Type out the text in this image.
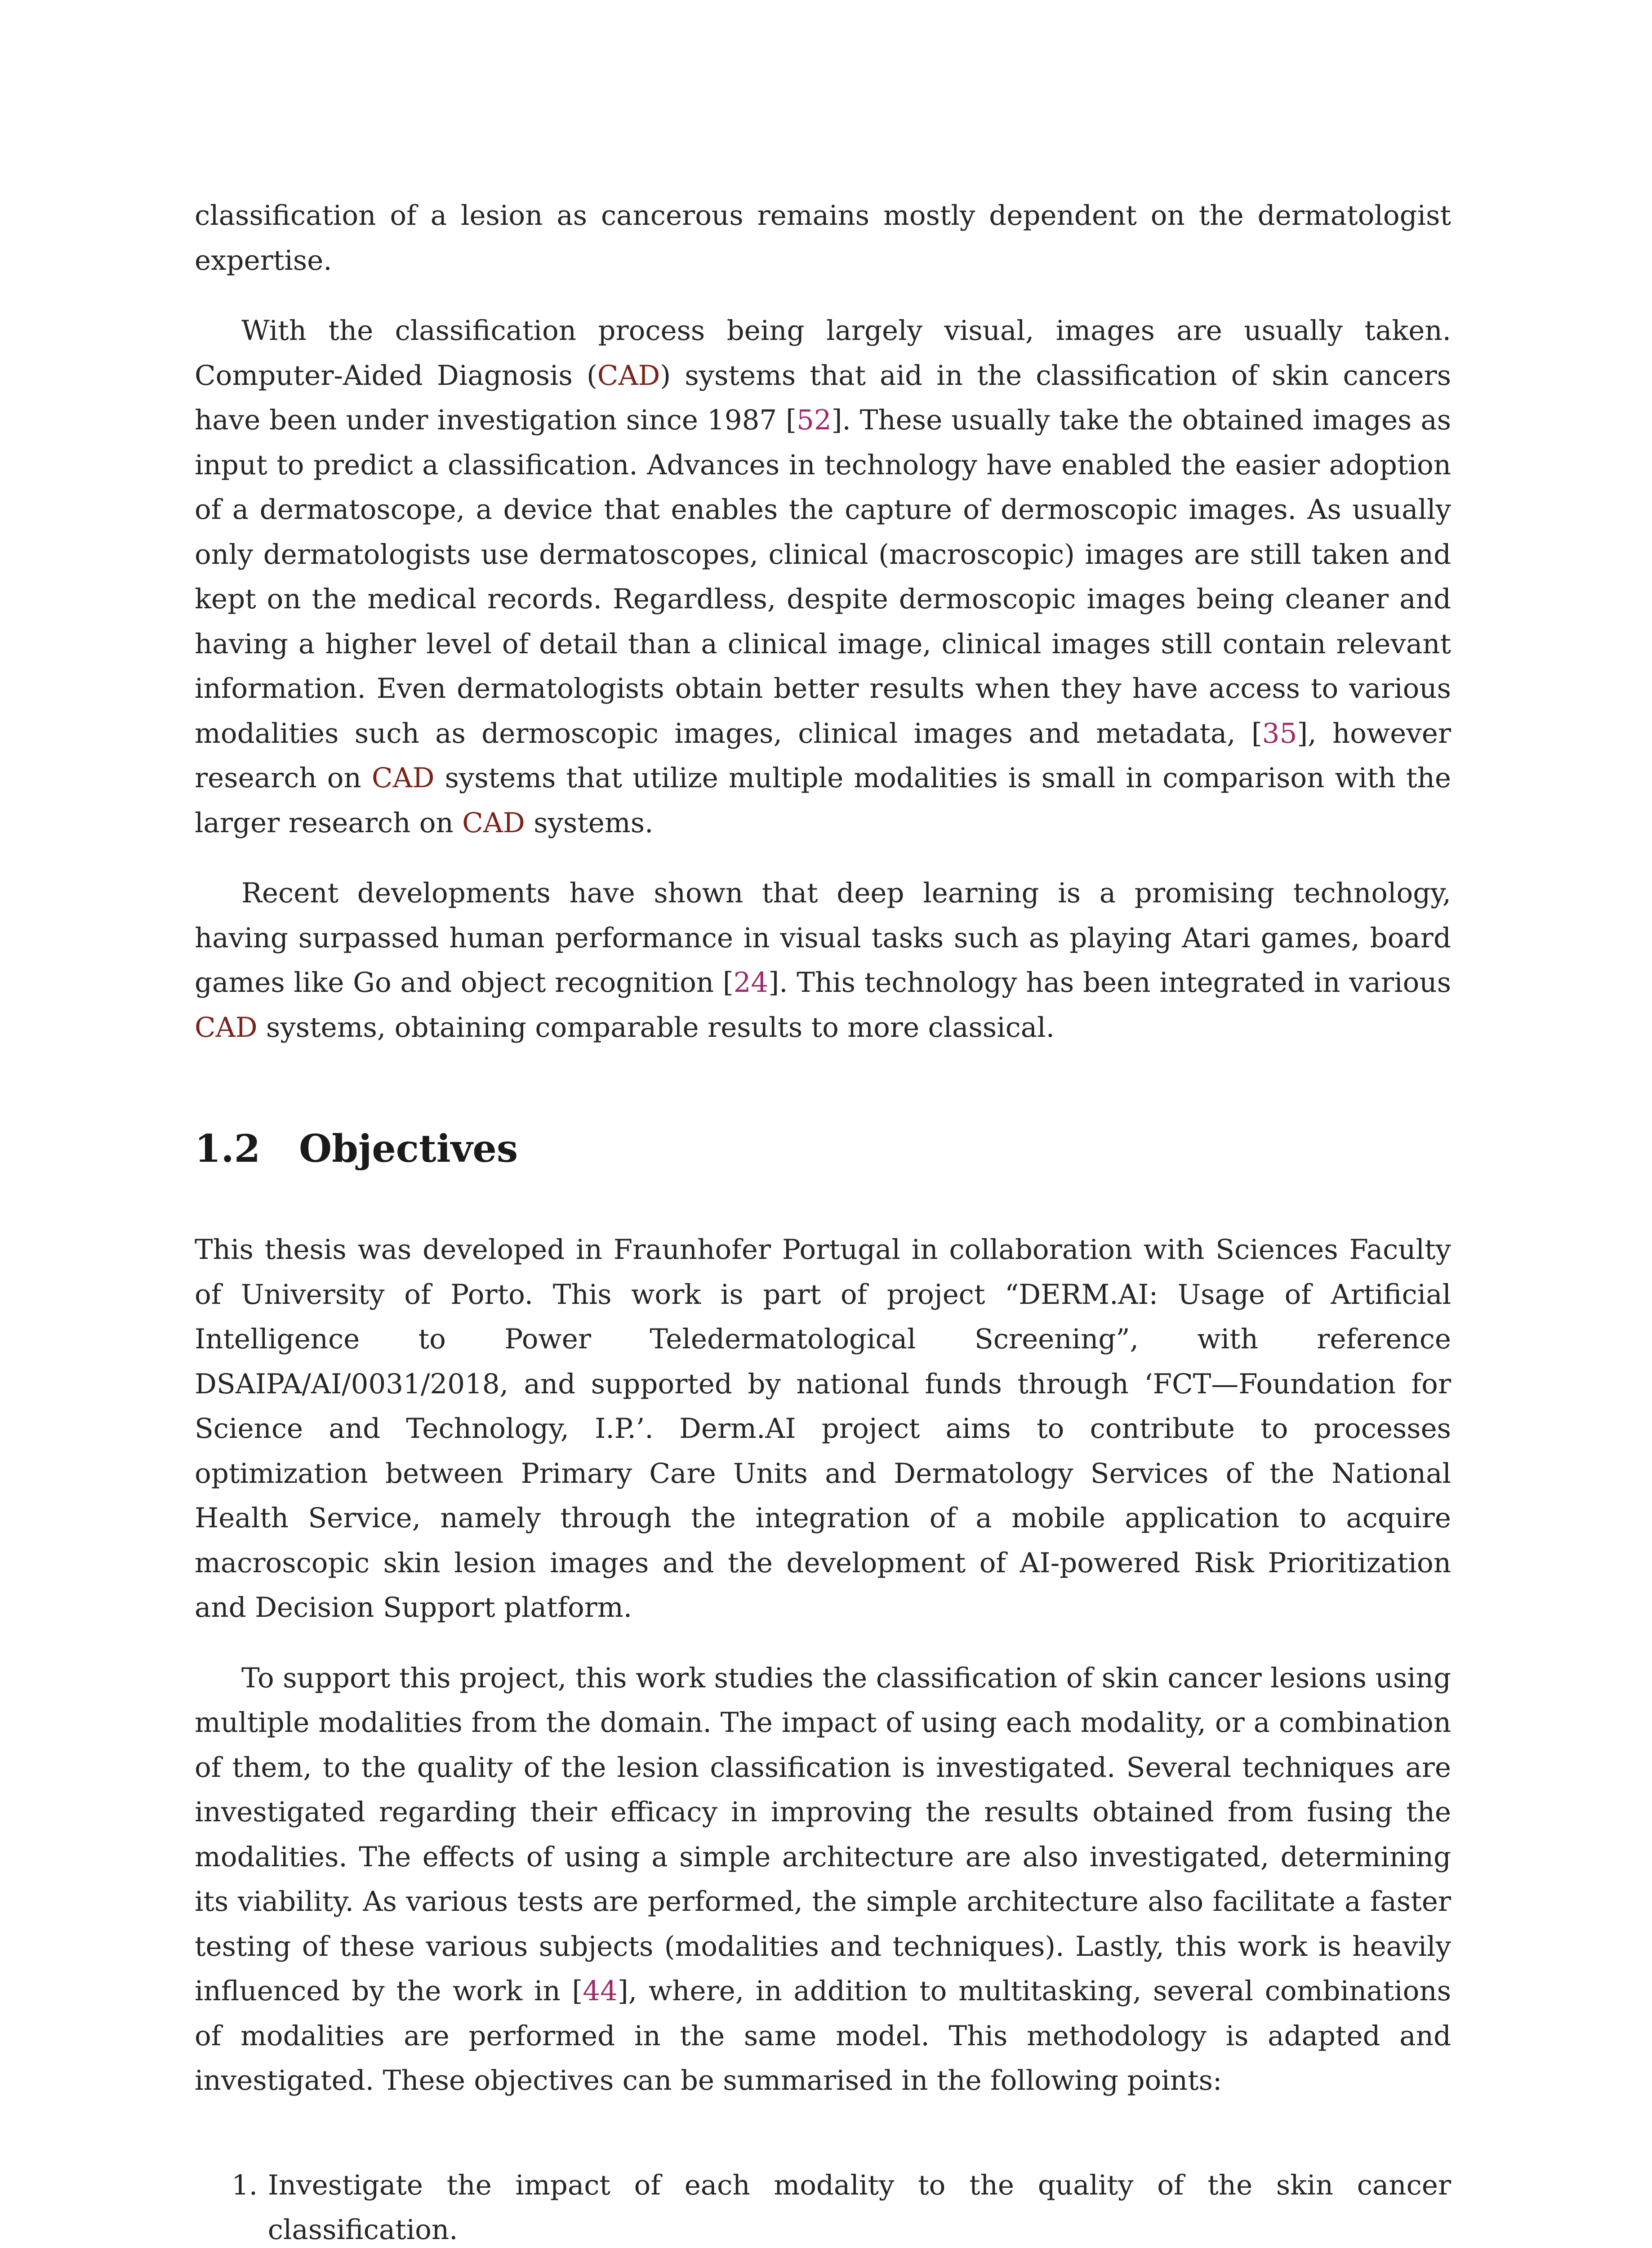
classification of a lesion as cancerous remains mostly dependent on the dermatologist expertise.

With the classification process being largely visual, images are usually taken. Computer-Aided Diagnosis (CAD) systems that aid in the classification of skin cancers have been under investigation since 1987 [52]. These usually take the obtained images as input to predict a classification. Advances in technology have enabled the easier adoption of a dermatoscope, a device that enables the capture of dermoscopic images. As usually only dermatologists use dermatoscopes, clinical (macroscopic) images are still taken and kept on the medical records. Regardless, despite dermoscopic images being cleaner and having a higher level of detail than a clinical image, clinical images still contain relevant information. Even dermatologists obtain better results when they have access to various modalities such as dermoscopic images, clinical images and metadata, [35], however research on CAD systems that utilize multiple modalities is small in comparison with the larger research on CAD systems.

Recent developments have shown that deep learning is a promising technology, having surpassed human performance in visual tasks such as playing Atari games, board games like Go and object recognition [24]. This technology has been integrated in various CAD systems, obtaining comparable results to more classical.

1.2	Objectives

This thesis was developed in Fraunhofer Portugal in collaboration with Sciences Faculty of University of Porto. This work is part of project “DERM.AI: Usage of Artificial Intelligence to Power Teledermatological Screening”, with reference DSAIPA/AI/0031/2018, and supported by national funds through ‘FCT—Foundation for Science and Technology, I.P.’. Derm.AI project aims to contribute to processes optimization between Primary Care Units and Dermatology Services of the National Health Service, namely through the integration of a mobile application to acquire macroscopic skin lesion images and the development of AI-powered Risk Prioritization and Decision Support platform.

To support this project, this work studies the classification of skin cancer lesions using multiple modalities from the domain. The impact of using each modality, or a combination of them, to the quality of the lesion classification is investigated. Several techniques are investigated regarding their efficacy in improving the results obtained from fusing the modalities. The effects of using a simple architecture are also investigated, determining its viability. As various tests are performed, the simple architecture also facilitate a faster testing of these various subjects (modalities and techniques). Lastly, this work is heavily influenced by the work in [44], where, in addition to multitasking, several combinations of modalities are performed in the same model. This methodology is adapted and investigated. These objectives can be summarised in the following points:

1. Investigate the impact of each modality to the quality of the skin cancer classification.
